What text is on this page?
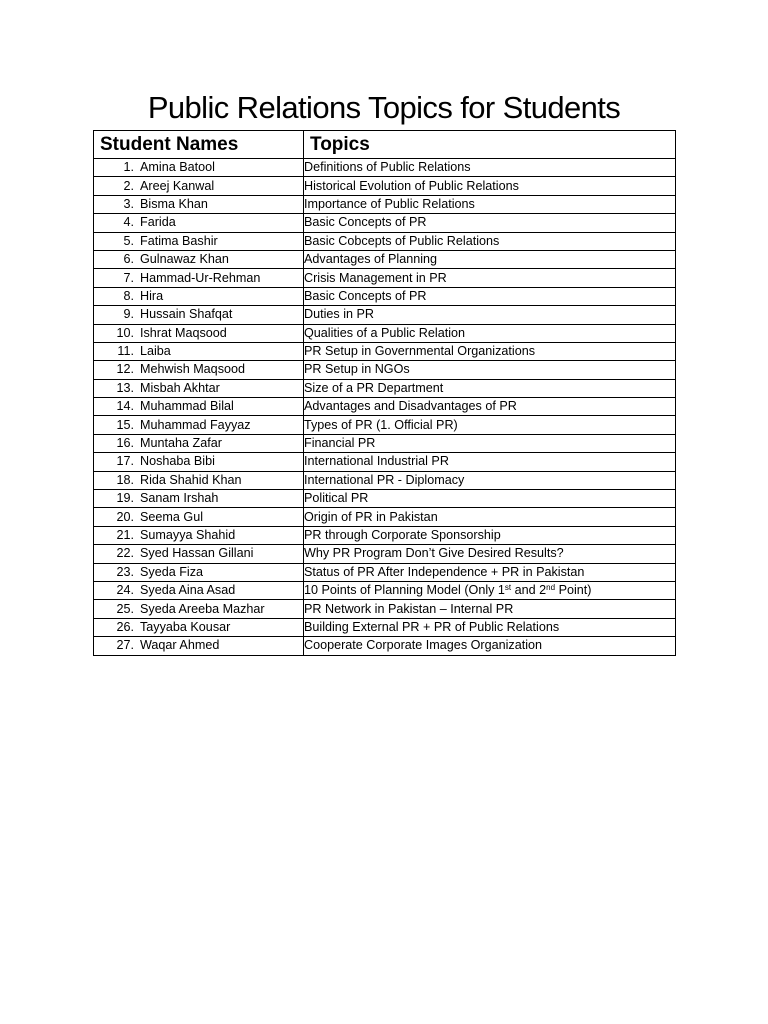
Public Relations Topics for Students
Student Names	Topics
1. Amina Batool	Definitions of Public Relations
2. Areej Kanwal	Historical Evolution of Public Relations
3. Bisma Khan	Importance of Public Relations
4. Farida	Basic Concepts of PR
5. Fatima Bashir	Basic Cobcepts of Public Relations
6. Gulnawaz Khan	Advantages of Planning
7. Hammad-Ur-Rehman	Crisis Management in PR
8. Hira	Basic Concepts of PR
9. Hussain Shafqat	Duties in PR
10. Ishrat Maqsood	Qualities of a Public Relation
11. Laiba	PR Setup in Governmental Organizations
12. Mehwish Maqsood	PR Setup in NGOs
13. Misbah Akhtar	Size of a PR Department
14. Muhammad Bilal	Advantages and Disadvantages of PR
15. Muhammad Fayyaz	Types of PR (1. Official PR)
16. Muntaha Zafar	Financial PR
17. Noshaba Bibi	International Industrial PR
18. Rida Shahid Khan	International PR - Diplomacy
19. Sanam Irshah	Political PR
20. Seema Gul	Origin of PR in Pakistan
21. Sumayya Shahid	PR through Corporate Sponsorship
22. Syed Hassan Gillani	Why PR Program Don’t Give Desired Results?
23. Syeda Fiza	Status of PR After Independence + PR in Pakistan
24. Syeda Aina Asad	10 Points of Planning Model (Only 1st and 2nd Point)
25. Syeda Areeba Mazhar	PR Network in Pakistan – Internal PR
26. Tayyaba Kousar	Building External PR + PR of Public Relations
27. Waqar Ahmed	Cooperate Corporate Images Organization
